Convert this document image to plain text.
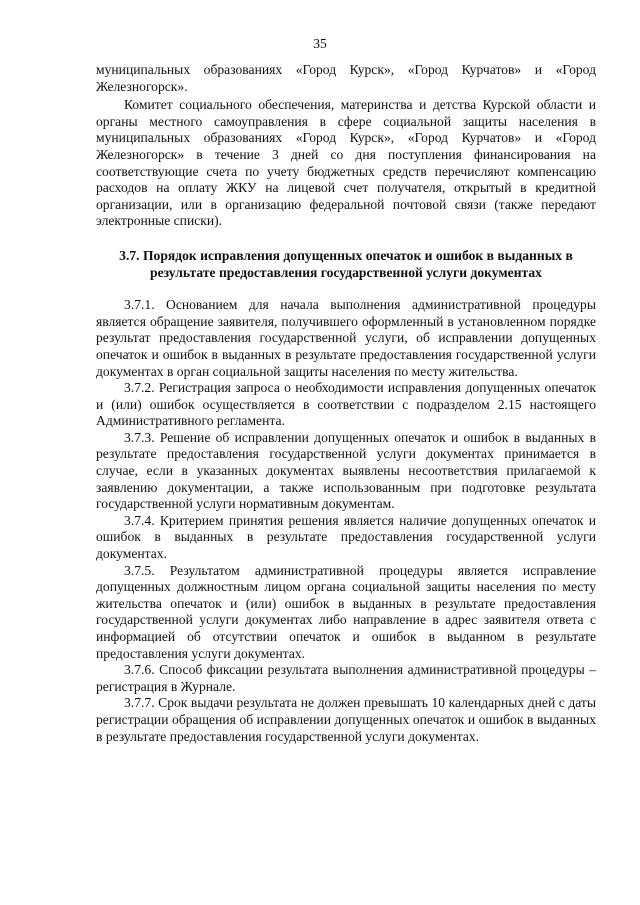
35

муниципальных образованиях «Город Курск», «Город Курчатов» и «Город Железногорск».

Комитет социального обеспечения, материнства и детства Курской области и органы местного самоуправления в сфере социальной защиты населения в муниципальных образованиях «Город Курск», «Город Курчатов» и «Город Железногорск» в течение 3 дней со дня поступления финансирования на соответствующие счета по учету бюджетных средств перечисляют компенсацию расходов на оплату ЖКУ на лицевой счет получателя, открытый в кредитной организации, или в организацию федеральной почтовой связи (также передают электронные списки).

3.7. Порядок исправления допущенных опечаток и ошибок в выданных в результате предоставления государственной услуги документах

3.7.1. Основанием для начала выполнения административной процедуры является обращение заявителя, получившего оформленный в установленном порядке результат предоставления государственной услуги, об исправлении допущенных опечаток и ошибок в выданных в результате предоставления государственной услуги документах в орган социальной защиты населения по месту жительства.

3.7.2. Регистрация запроса о необходимости исправления допущенных опечаток и (или) ошибок осуществляется в соответствии с подразделом 2.15 настоящего Административного регламента.

3.7.3. Решение об исправлении допущенных опечаток и ошибок в выданных в результате предоставления государственной услуги документах принимается в случае, если в указанных документах выявлены несоответствия прилагаемой к заявлению документации, а также использованным при подготовке результата государственной услуги нормативным документам.

3.7.4. Критерием принятия решения является наличие допущенных опечаток и ошибок в выданных в результате предоставления государственной услуги документах.

3.7.5. Результатом административной процедуры является исправление допущенных должностным лицом органа социальной защиты населения по месту жительства опечаток и (или) ошибок в выданных в результате предоставления государственной услуги документах либо направление в адрес заявителя ответа с информацией об отсутствии опечаток и ошибок в выданном в результате предоставления услуги документах.

3.7.6. Способ фиксации результата выполнения административной процедуры – регистрация в Журнале.

3.7.7. Срок выдачи результата не должен превышать 10 календарных дней с даты регистрации обращения об исправлении допущенных опечаток и ошибок в выданных в результате предоставления государственной услуги документах.
